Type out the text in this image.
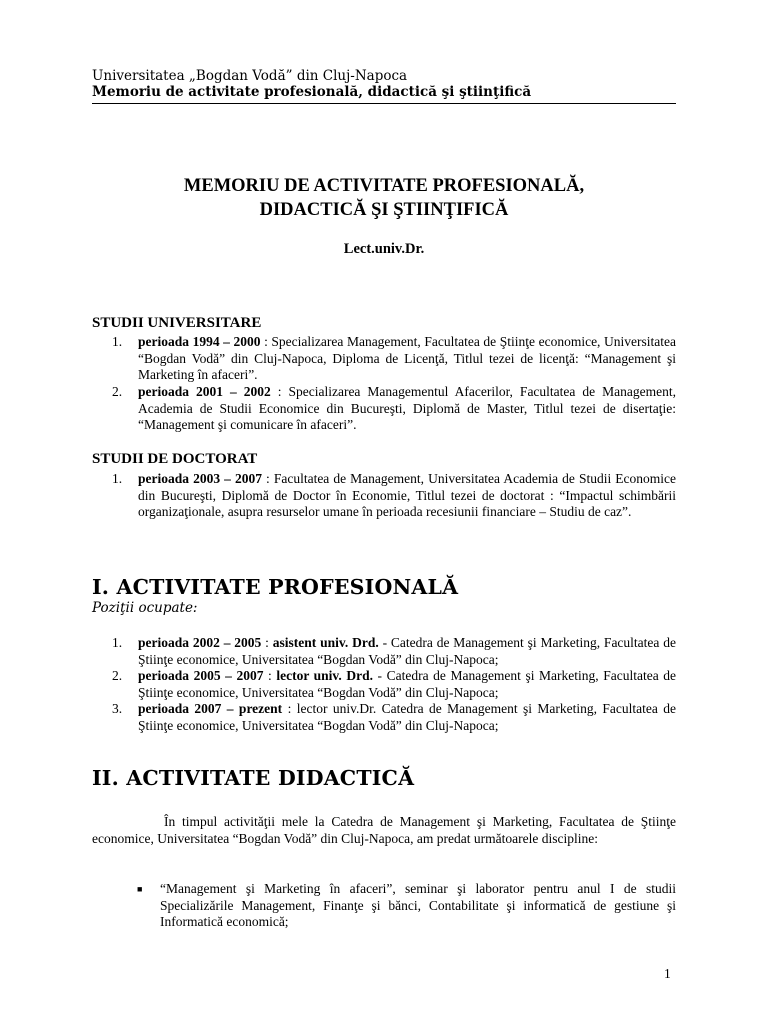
Universitatea „Bogdan Vodă” din Cluj-Napoca
Memoriu de activitate profesională, didactică şi ştiinţifică
MEMORIU DE ACTIVITATE PROFESIONALĂ,
DIDACTICĂ ŞI ŞTIINŢIFICĂ
Lect.univ.Dr.
STUDII UNIVERSITARE
1. perioada 1994 – 2000 : Specializarea Management, Facultatea de Ştiinţe economice, Universitatea “Bogdan Vodă” din Cluj-Napoca, Diploma de Licenţă, Titlul tezei de licenţă: “Management şi Marketing în afaceri”.
2. perioada 2001 – 2002 : Specializarea Managementul Afacerilor, Facultatea de Management, Academia de Studii Economice din Bucureşti, Diplomă de Master, Titlul tezei de disertaţie: “Management şi comunicare în afaceri”.
STUDII DE DOCTORAT
1. perioada 2003 – 2007 : Facultatea de Management, Universitatea Academia de Studii Economice din Bucureşti, Diplomă de Doctor în Economie, Titlul tezei de doctorat : “Impactul schimbării organizaţionale, asupra resurselor umane în perioada recesiunii financiare – Studiu de caz”.
I. ACTIVITATE PROFESIONALĂ
Poziţii ocupate:
1. perioada 2002 – 2005 : asistent univ. Drd. - Catedra de Management şi Marketing, Facultatea de Ştiinţe economice, Universitatea “Bogdan Vodă” din Cluj-Napoca;
2. perioada 2005 – 2007 : lector univ. Drd. - Catedra de Management şi Marketing, Facultatea de Ştiinţe economice, Universitatea “Bogdan Vodă” din Cluj-Napoca;
3. perioada 2007 – prezent : lector univ.Dr. Catedra de Management şi Marketing, Facultatea de Ştiinţe economice, Universitatea “Bogdan Vodă” din Cluj-Napoca;
II. ACTIVITATE DIDACTICĂ
În timpul activităţii mele la Catedra de Management şi Marketing, Facultatea de Ştiinţe economice, Universitatea “Bogdan Vodă” din Cluj-Napoca, am predat următoarele discipline:
■ “Management şi Marketing în afaceri”, seminar şi laborator pentru anul I de studii Specializările Management, Finanţe şi bănci, Contabilitate şi informatică de gestiune şi Informatică economică;
1
